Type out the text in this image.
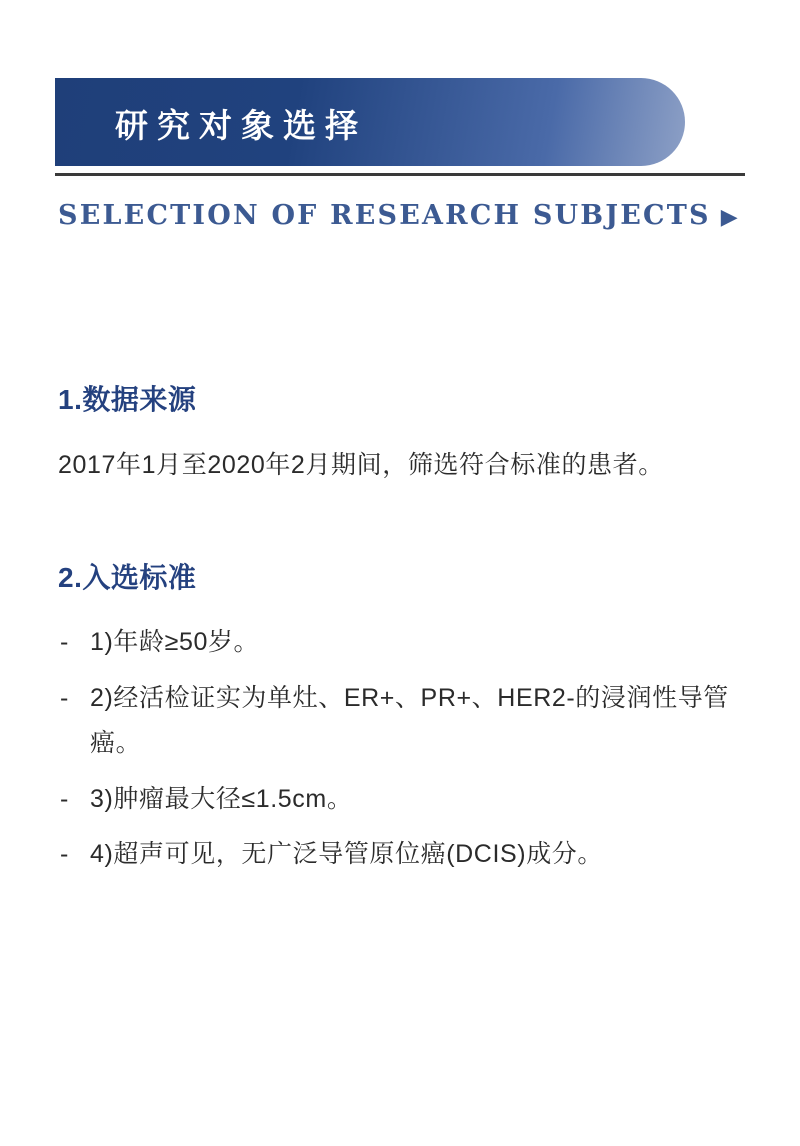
研究对象选择
SELECTION OF RESEARCH SUBJECTS ▶
1.数据来源

2017年1月至2020年2月期间，筛选符合标准的患者。

2.入选标准
- 1)年龄≥50岁。
- 2)经活检证实为单灶、ER+、PR+、HER2-的浸润性导管癌。
- 3)肿瘤最大径≤1.5cm。
- 4)超声可见，无广泛导管原位癌(DCIS)成分。
